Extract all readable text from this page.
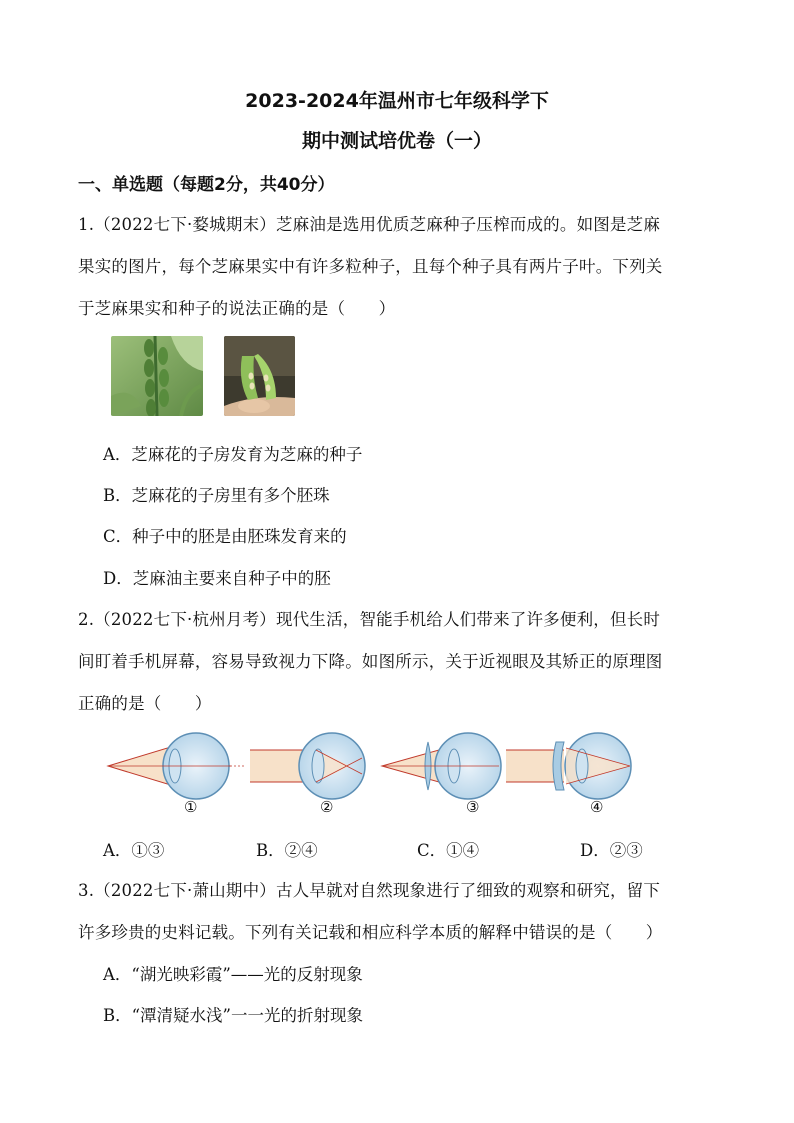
2023-2024年温州市七年级科学下
期中测试培优卷（一）
一、单选题（每题2分，共40分）
1.（2022七下·婺城期末）芝麻油是选用优质芝麻种子压榨而成的。如图是芝麻
果实的图片，每个芝麻果实中有许多粒种子，且每个种子具有两片子叶。下列关
于芝麻果实和种子的说法正确的是（　　）
A．芝麻花的子房发育为芝麻的种子
B．芝麻花的子房里有多个胚珠
C．种子中的胚是由胚珠发育来的
D．芝麻油主要来自种子中的胚
2.（2022七下·杭州月考）现代生活，智能手机给人们带来了许多便利，但长时
间盯着手机屏幕，容易导致视力下降。如图所示，关于近视眼及其矫正的原理图
正确的是（　　）
①	②	③	④
A．①③	B．②④	C．①④	D．②③
3.（2022七下·萧山期中）古人早就对自然现象进行了细致的观察和研究，留下
许多珍贵的史料记载。下列有关记载和相应科学本质的解释中错误的是（　　）
A．“湖光映彩霞”——光的反射现象
B．“潭清疑水浅”一一光的折射现象
